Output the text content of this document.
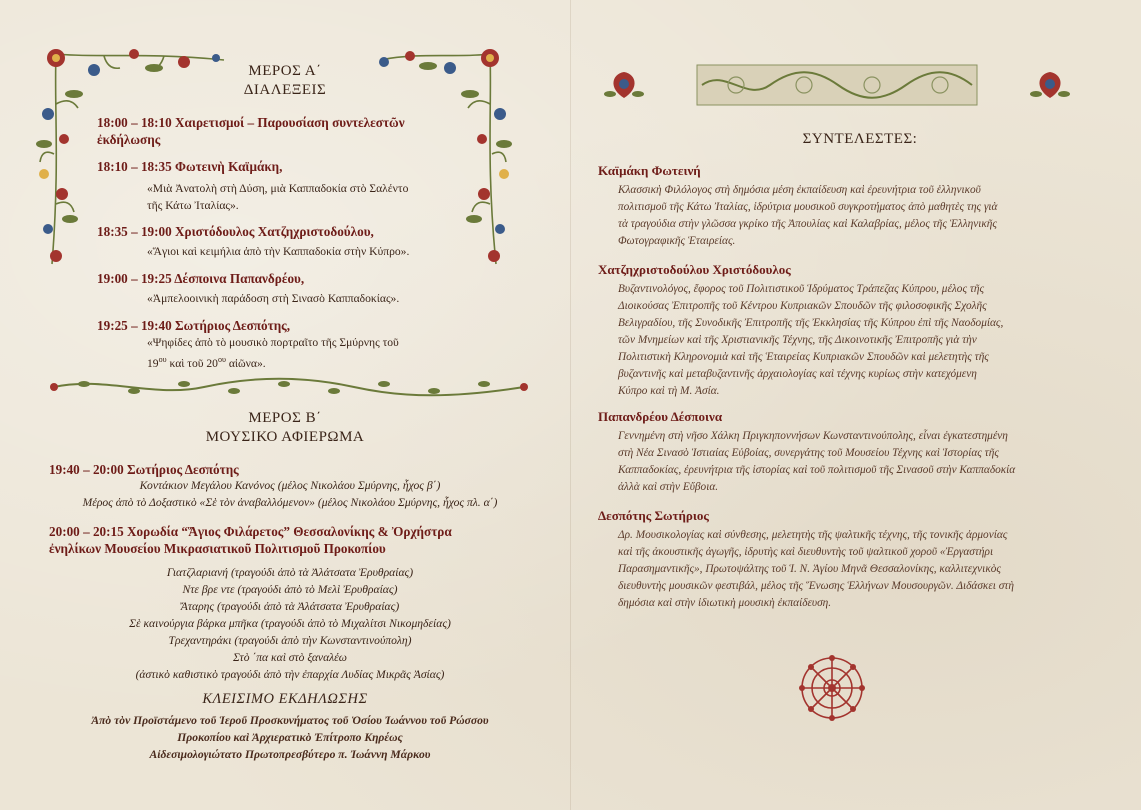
ΜΕΡΟΣ Α΄
ΔΙΑΛΕΞΕΙΣ
18:00 – 18:10 Χαιρετισμοί – Παρουσίαση συντελεστῶν
ἐκδήλωσης
18:10 – 18:35 Φωτεινὴ Καϊμάκη,
«Μιὰ Ἀνατολὴ στὴ Δύση, μιὰ Καππαδοκία στὸ Σαλέντο
τῆς Κάτω Ἰταλίας».
18:35 – 19:00 Χριστόδουλος Χατζηχριστοδούλου,
«Ἅγιοι καὶ κειμήλια ἀπὸ τὴν Καππαδοκία στὴν Κύπρο».
19:00 – 19:25 Δέσποινα Παπανδρέου,
«Ἀμπελοοινικὴ παράδοση στὴ Σινασὸ Καππαδοκίας».
19:25 – 19:40 Σωτήριος Δεσπότης,
«Ψηφίδες ἀπὸ τὸ μουσικὸ πορτραῖτο τῆς Σμύρνης τοῦ
$19^{o\upsilon}$ καὶ τοῦ $20^{o\upsilon}$ αἰῶνα».
ΜΕΡΟΣ Β΄
ΜΟΥΣΙΚΟ ΑΦΙΕΡΩΜΑ
19:40 – 20:00 Σωτήριος Δεσπότης
Κοντάκιον Μεγάλου Κανόνος (μέλος Νικολάου Σμύρνης, ἦχος β΄)
Μέρος ἀπὸ τὸ Δοξαστικὸ «Σὲ τὸν ἀναβαλλόμενον» (μέλος Νικολάου Σμύρνης, ἦχος πλ. α΄)
20:00 – 20:15 Χορωδία “Ἅγιος Φιλάρετος” Θεσσαλονίκης & Ὀρχήστρα
ἐνηλίκων Μουσείου Μικρασιατικοῦ Πολιτισμοῦ Προκοπίου
Γιατζλαριανή (τραγούδι ἀπὸ τὰ Ἀλάτσατα Ἐρυθραίας)
Ντε βρε ντε (τραγούδι ἀπὸ τὸ Μελὶ Ἐρυθραίας)
Ἄταρης (τραγούδι ἀπὸ τὰ Ἀλάτσατα Ἐρυθραίας)
Σὲ καινούργια βάρκα μπῆκα (τραγούδι ἀπὸ τὸ Μιχαλίτσι Νικομηδείας)
Τρεχαντηράκι (τραγούδι ἀπὸ τὴν Κωνσταντινούπολη)
Στὸ ΄πα καὶ στὸ ξαναλέω
(ἀστικὸ καθιστικὸ τραγούδι ἀπὸ τὴν ἐπαρχία Λυδίας Μικρᾶς Ἀσίας)
ΚΛΕΙΣΙΜΟ ΕΚΔΗΛΩΣΗΣ
Ἀπὸ τὸν Προϊστάμενο τοῦ Ἱεροῦ Προσκυνήματος τοῦ Ὁσίου Ἰωάννου τοῦ Ρώσσου
Προκοπίου καὶ Ἀρχιερατικὸ Ἐπίτροπο Κηρέως
Αἰδεσιμολογιώτατο Πρωτοπρεσβύτερο π. Ἰωάννη Μάρκου
ΣΥΝΤΕΛΕΣΤΕΣ:
Καϊμάκη Φωτεινή
Κλασσικὴ Φιλόλογος στὴ δημόσια μέση ἐκπαίδευση καὶ ἐρευνήτρια τοῦ ἑλληνικοῦ
πολιτισμοῦ τῆς Κάτω Ἰταλίας, ἱδρύτρια μουσικοῦ συγκροτήματος ἀπὸ μαθητὲς της γιὰ
τὰ τραγούδια στὴν γλῶσσα γκρίκο τῆς Ἀπουλίας καὶ Καλαβρίας, μέλος τῆς Ἑλληνικῆς
Φωτογραφικῆς Ἑταιρείας.
Χατζηχριστοδούλου Χριστόδουλος
Βυζαντινολόγος, ἔφορος τοῦ Πολιτιστικοῦ Ἱδρύματος Τράπεζας Κύπρου, μέλος τῆς
Διοικούσας Ἐπιτροπῆς τοῦ Κέντρου Κυπριακῶν Σπουδῶν τῆς φιλοσοφικῆς Σχολῆς
Βελιγραδίου, τῆς Συνοδικῆς Ἐπιτροπῆς τῆς Ἐκκλησίας τῆς Κύπρου ἐπὶ τῆς Ναοδομίας,
τῶν Μνημείων καὶ τῆς Χριστιανικῆς Τέχνης, τῆς Δικοινοτικῆς Ἐπιτροπῆς γιὰ τὴν
Πολιτιστικὴ Κληρονομιὰ καὶ τῆς Ἑταιρείας Κυπριακῶν Σπουδῶν καὶ μελετητὴς τῆς
βυζαντινῆς καὶ μεταβυζαντινῆς ἀρχαιολογίας καὶ τέχνης κυρίως στὴν κατεχόμενη
Κύπρο καὶ τὴ Μ. Ἀσία.
Παπανδρέου Δέσποινα
Γεννημένη στὴ νῆσο Χάλκη Πριγκηποννήσων Κωνσταντινούπολης, εἶναι ἐγκατεστημένη
στὴ Νέα Σινασὸ Ἱστιαίας Εὐβοίας, συνεργάτης τοῦ Μουσείου Τέχνης καὶ Ἱστορίας τῆς
Καππαδοκίας, ἐρευνήτρια τῆς ἱστορίας καὶ τοῦ πολιτισμοῦ τῆς Σινασοῦ στὴν Καππαδοκία
ἀλλὰ καὶ στὴν Εὔβοια.
Δεσπότης Σωτήριος
Δρ. Μουσικολογίας καὶ σύνθεσης, μελετητὴς τῆς ψαλτικῆς τέχνης, τῆς τονικῆς ἁρμονίας
καὶ τῆς ἀκουστικῆς ἀγωγῆς, ἱδρυτὴς καὶ διευθυντὴς τοῦ ψαλτικοῦ χοροῦ «Ἐργαστήρι
Παρασημαντικῆς», Πρωτοψάλτης τοῦ Ἱ. Ν. Ἁγίου Μηνᾶ Θεσσαλονίκης, καλλιτεχνικὸς
διευθυντὴς μουσικῶν φεστιβάλ, μέλος τῆς Ἕνωσης Ἑλλήνων Μουσουργῶν. Διδάσκει στὴ
δημόσια καὶ στὴν ἰδιωτικὴ μουσικὴ ἐκπαίδευση.
